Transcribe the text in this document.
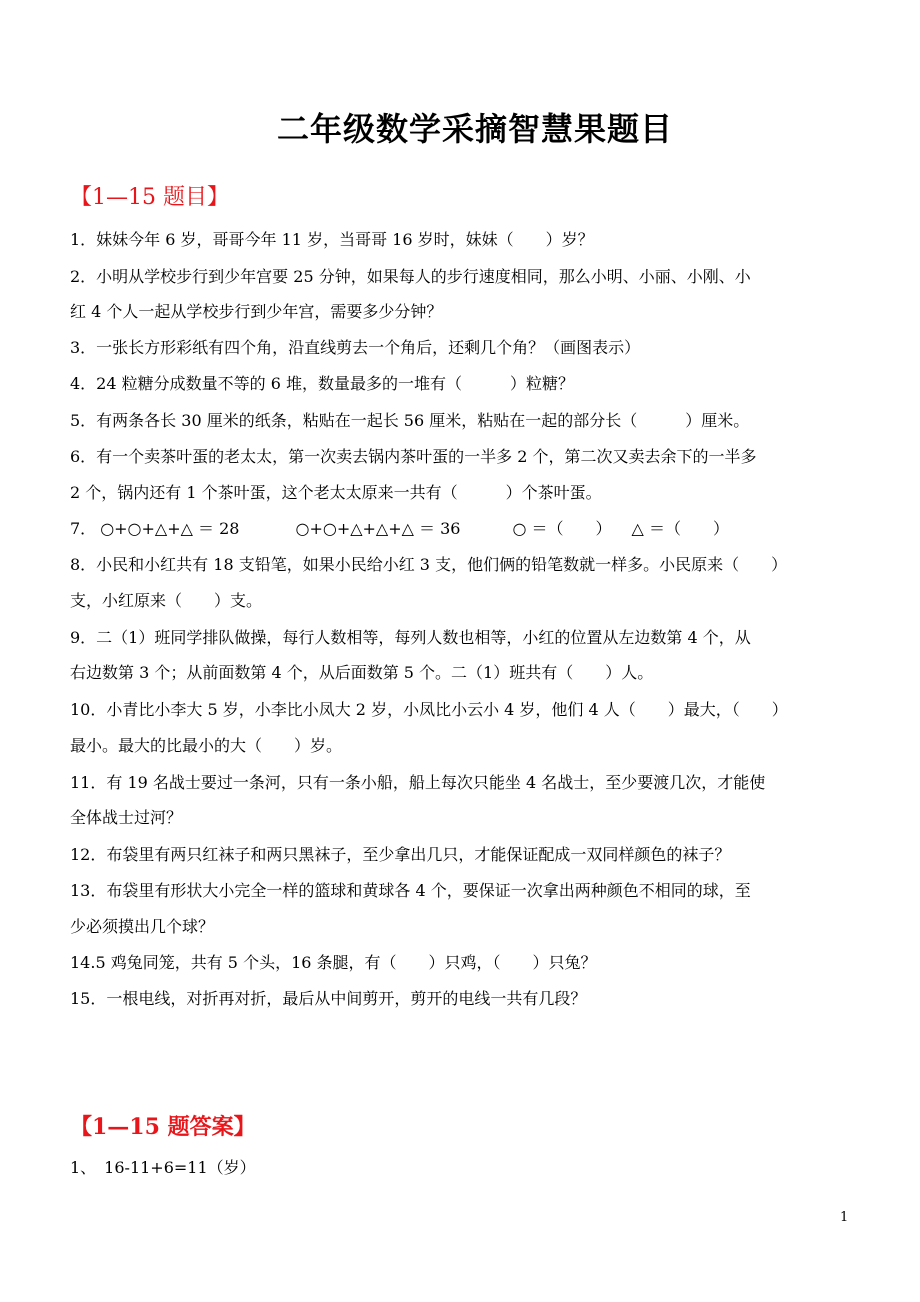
二年级数学采摘智慧果题目
【1—15 题目】

1．妹妹今年 6 岁，哥哥今年 11 岁，当哥哥 16 岁时，妹妹（　　）岁？

2．小明从学校步行到少年宫要 25 分钟，如果每人的步行速度相同，那么小明、小丽、小刚、小

红 4 个人一起从学校步行到少年宫，需要多少分钟？

3．一张长方形彩纸有四个角，沿直线剪去一个角后，还剩几个角？（画图表示）

4．24 粒糖分成数量不等的 6 堆，数量最多的一堆有（　　　）粒糖？

5．有两条各长 30 厘米的纸条，粘贴在一起长 56 厘米，粘贴在一起的部分长（　　　）厘米。

6．有一个卖茶叶蛋的老太太，第一次卖去锅内茶叶蛋的一半多 2 个，第二次又卖去余下的一半多

2 个，锅内还有 1 个茶叶蛋，这个老太太原来一共有（　　　）个茶叶蛋。

7． ○+○+△+△ ＝ 28	○+○+△+△+△ ＝ 36	○ ＝（　　） △ ＝（　　）

8．小民和小红共有 18 支铅笔，如果小民给小红 3 支，他们俩的铅笔数就一样多。小民原来（　　）

支，小红原来（　　）支。

9．二（1）班同学排队做操，每行人数相等，每列人数也相等，小红的位置从左边数第 4 个，从

右边数第 3 个；从前面数第 4 个，从后面数第 5 个。二（1）班共有（　　）人。

10．小青比小李大 5 岁，小李比小凤大 2 岁，小凤比小云小 4 岁，他们 4 人（　　）最大，（　　）

最小。最大的比最小的大（　　）岁。

11．有 19 名战士要过一条河，只有一条小船，船上每次只能坐 4 名战士，至少要渡几次，才能使

全体战士过河？

12．布袋里有两只红袜子和两只黑袜子，至少拿出几只，才能保证配成一双同样颜色的袜子？

13．布袋里有形状大小完全一样的篮球和黄球各 4 个，要保证一次拿出两种颜色不相同的球，至

少必须摸出几个球？

14.5 鸡兔同笼，共有 5 个头，16 条腿，有（　　）只鸡，（　　）只兔？

15．一根电线，对折再对折，最后从中间剪开，剪开的电线一共有几段？

【1—15 题答案】

1、　16-11+6=11（岁）

1
